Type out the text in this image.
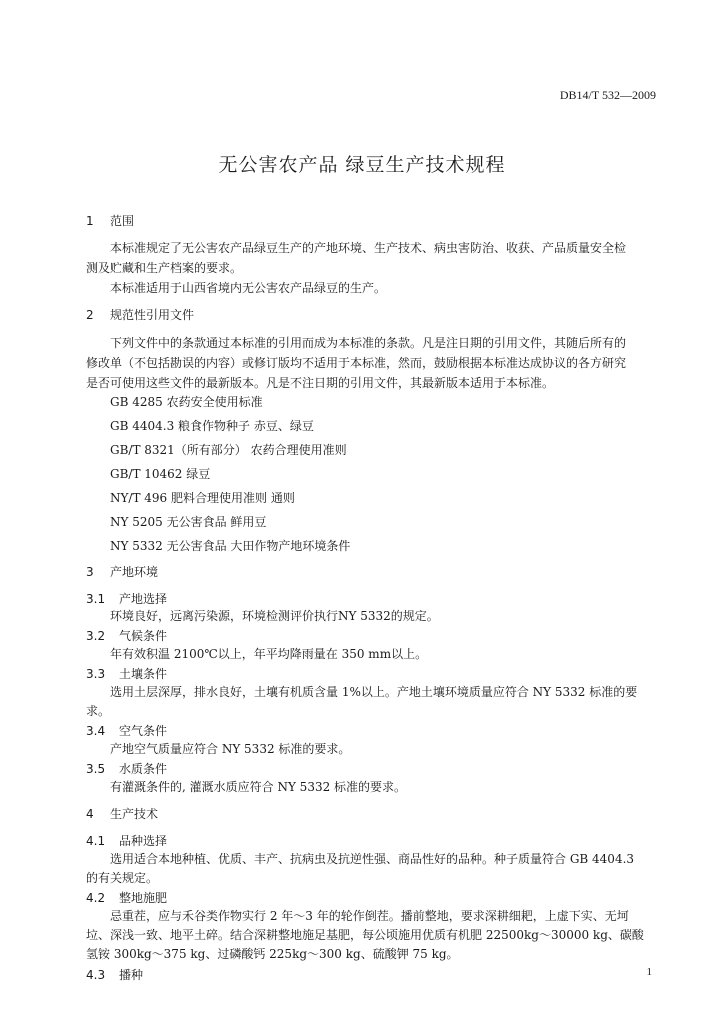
DB14/T 532—2009
无公害农产品 绿豆生产技术规程
1 范围
本标准规定了无公害农产品绿豆生产的产地环境、生产技术、病虫害防治、收获、产品质量安全检
测及贮藏和生产档案的要求。
本标准适用于山西省境内无公害农产品绿豆的生产。
2 规范性引用文件
下列文件中的条款通过本标准的引用而成为本标准的条款。凡是注日期的引用文件，其随后所有的
修改单（不包括勘误的内容）或修订版均不适用于本标准，然而，鼓励根据本标准达成协议的各方研究
是否可使用这些文件的最新版本。凡是不注日期的引用文件，其最新版本适用于本标准。
GB 4285 农药安全使用标准
GB 4404.3 粮食作物种子 赤豆、绿豆
GB/T 8321（所有部分） 农药合理使用准则
GB/T 10462 绿豆
NY/T 496 肥料合理使用准则 通则
NY 5205 无公害食品 鲜用豆
NY 5332 无公害食品 大田作物产地环境条件
3 产地环境
3.1 产地选择
环境良好，远离污染源，环境检测评价执行NY 5332的规定。
3.2 气候条件
年有效积温 2100℃以上，年平均降雨量在 350 mm以上。
3.3 土壤条件
选用土层深厚，排水良好，土壤有机质含量 1%以上。产地土壤环境质量应符合 NY 5332 标准的要
求。
3.4 空气条件
产地空气质量应符合 NY 5332 标准的要求。
3.5 水质条件
有灌溉条件的, 灌溉水质应符合 NY 5332 标准的要求。
4 生产技术
4.1 品种选择
选用适合本地种植、优质、丰产、抗病虫及抗逆性强、商品性好的品种。种子质量符合 GB 4404.3
的有关规定。
4.2 整地施肥
忌重茬，应与禾谷类作物实行 2 年～3 年的轮作倒茬。播前整地，要求深耕细耙，上虚下实、无坷
垃、深浅一致、地平土碎。结合深耕整地施足基肥，每公顷施用优质有机肥 22500kg～30000 kg、碳酸
氢铵 300kg～375 kg、过磷酸钙 225kg～300 kg、硫酸钾 75 kg。
4.3 播种	1
